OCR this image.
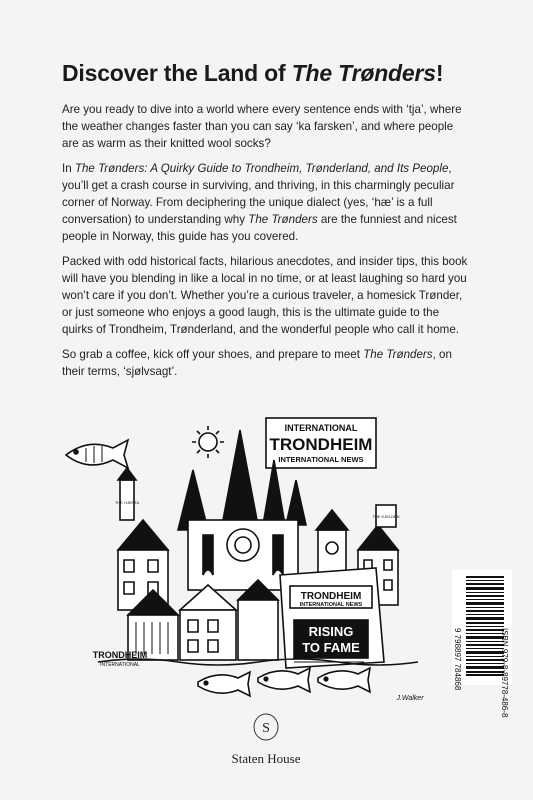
Discover the Land of The Trønders!

Are you ready to dive into a world where every sentence ends with ‘tja’, where the weather changes faster than you can say ‘ka farsken’, and where people are as warm as their knitted wool socks?

In The Trønders: A Quirky Guide to Trondheim, Trønderland, and Its People, you’ll get a crash course in surviving, and thriving, in this charmingly peculiar corner of Norway. From deciphering the unique dialect (yes, ‘hæ’ is a full conversation) to understanding why The Trønders are the funniest and nicest people in Norway, this guide has you covered.

Packed with odd historical facts, hilarious anecdotes, and insider tips, this book will have you blending in like a local in no time, or at least laughing so hard you won’t care if you don’t. Whether you’re a curious traveler, a homesick Trønder, or just someone who enjoys a good laugh, this is the ultimate guide to the quirks of Trondheim, Trønderland, and the wonderful people who call it home.

So grab a coffee, kick off your shoes, and prepare to meet The Trønders, on their terms, ‘sjølvsagt’.

INTERNATIONAL
TRONDHEIM
INTERNATIONAL NEWS
TRONDHEIM
INTERNATIONAL NEWS
RISING
TO FAME
TRONDHEIM
INTERNATIONAL
THE HJERTA
THE KJELDEN
J.Walker	ISBN 979-8-89778-486-8
9 798897 784868
S
Staten House
